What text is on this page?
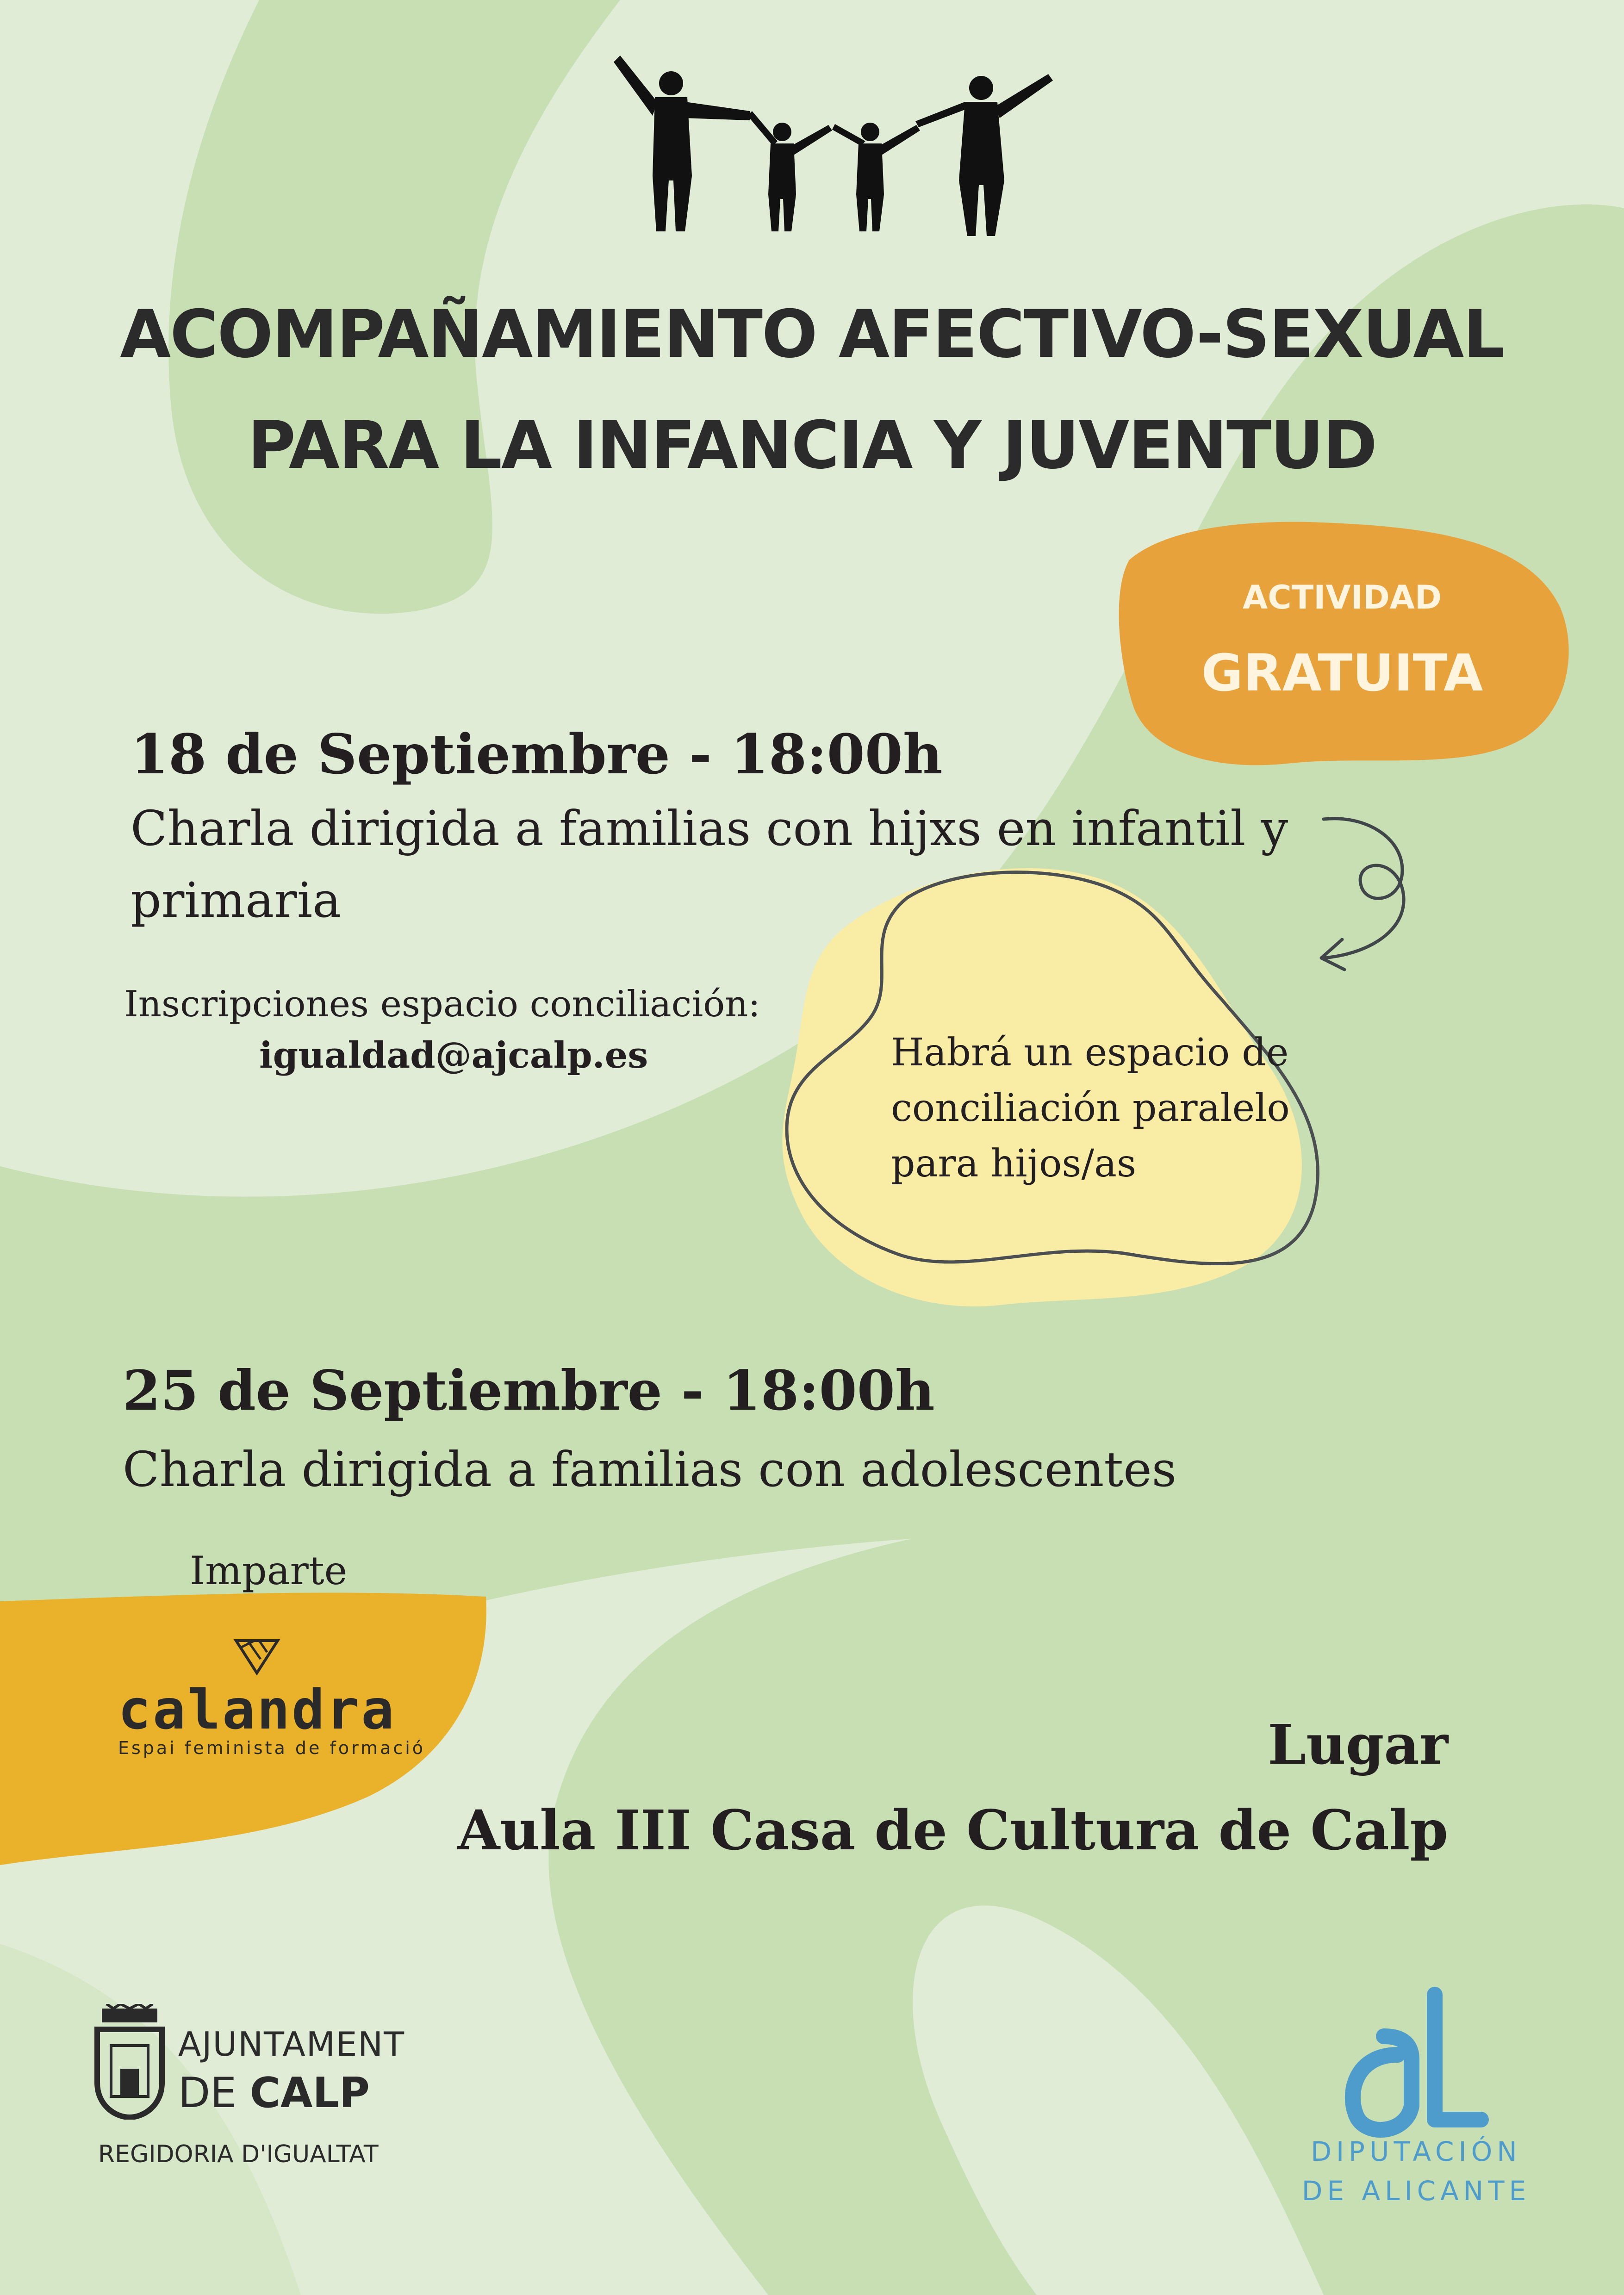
ACOMPAÑAMIENTO AFECTIVO-SEXUAL
PARA LA INFANCIA Y JUVENTUD
ACTIVIDAD
GRATUITA
18 de Septiembre - 18:00h
Charla dirigida a familias con hijxs en infantil y
primaria
Inscripciones espacio conciliación:
igualdad@ajcalp.es	Habrá un espacio de
conciliación paralelo
para hijos/as
25 de Septiembre - 18:00h
Charla dirigida a familias con adolescentes
Imparte
calandra
Espai feminista de formació	Lugar
Aula III Casa de Cultura de Calp
AJUNTAMENT
DE CALP
REGIDORIA D'IGUALTAT	DIPUTACIÓN
DE ALICANTE
